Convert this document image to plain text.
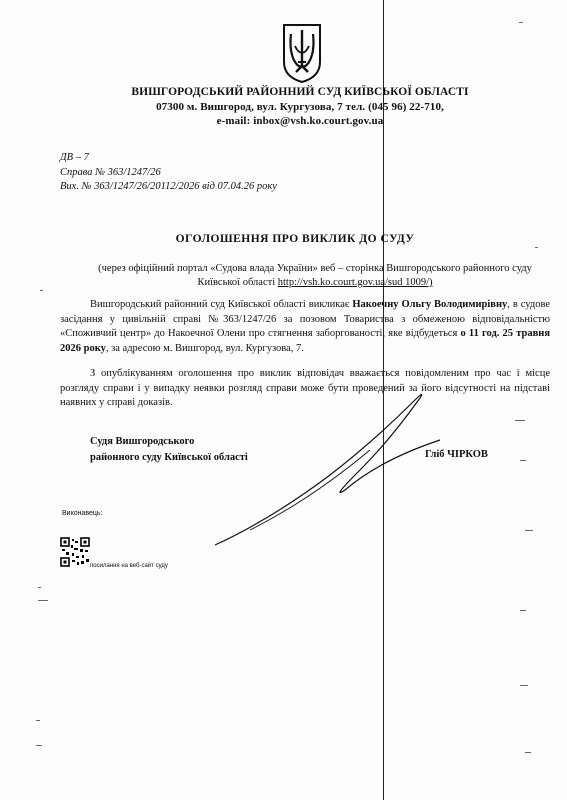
ВИШГОРОДСЬКИЙ РАЙОННИЙ СУД КИЇВСЬКОЇ ОБЛАСТІ
07300 м. Вишгород, вул. Кургузова, 7 тел. (045 96) 22-710,
e-mail: inbox@vsh.ko.court.gov.ua
ДВ – 7
Справа № 363/1247/26
Вих. № 363/1247/26/20112/2026 від 07.04.26 року
ОГОЛОШЕННЯ ПРО ВИКЛИК ДО СУДУ
(через офіційний портал «Судова влада України» веб – сторінка Вишгородського районного суду Київської області http://vsh.ko.court.gov.ua/sud 1009/)
Вишгородський районний суд Київської області викликає Накоечну Ольгу Володимирівну, в судове засідання у цивільній справі №363/1247/26 за позовом Товариства з обмеженою відповідальністю «Споживчий центр» до Накоечної Олени про стягнення заборгованості, яке відбудеться о 11 год. 25 травня 2026 року, за адресою м. Вишгород, вул. Кургузова, 7.
З опублікуванням оголошення про виклик відповідач вважається повідомленим про час і місце розгляду справи і у випадку неявки розгляд справи може бути проведений за його відсутності на підставі наявних у справі доказів.
Судя Вишгородського
районного суду Київської області	Гліб ЧІРКОВ
Виконавець:
посилання на веб-сайт суду
